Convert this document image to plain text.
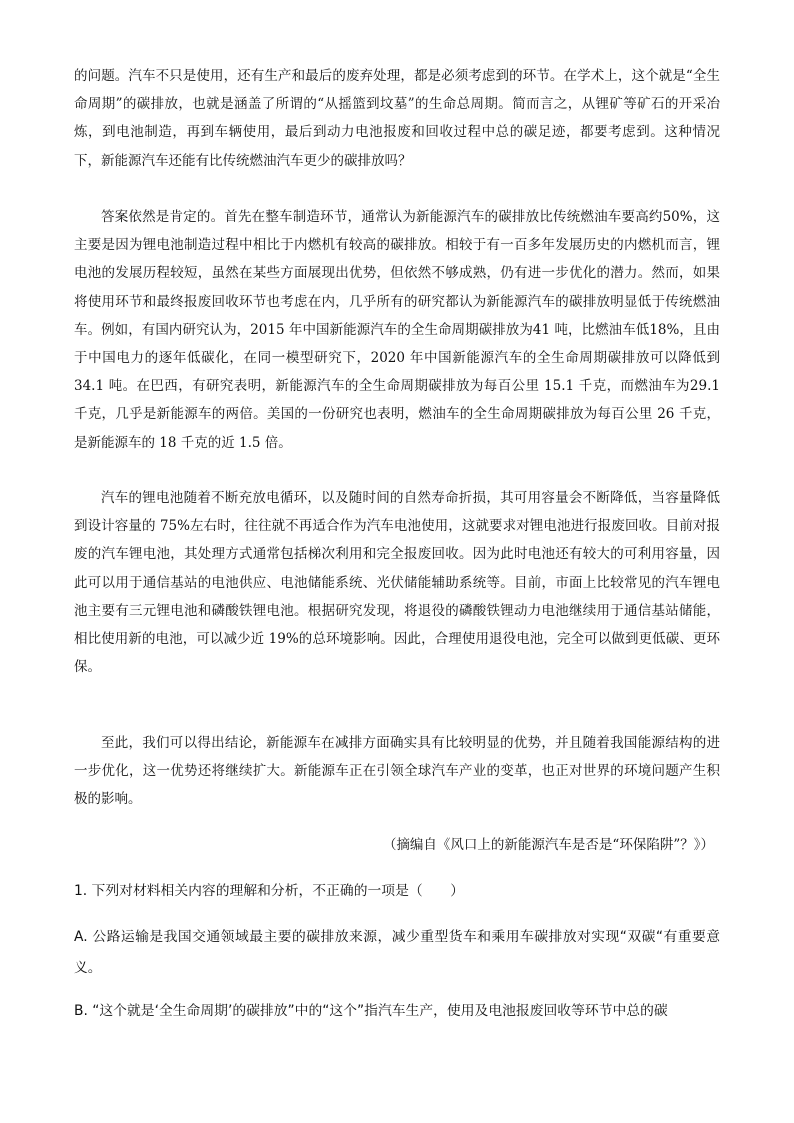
的问题。汽车不只是使用，还有生产和最后的废弃处理，都是必须考虑到的环节。在学术上，这个就是“全生命周期”的碳排放，也就是涵盖了所谓的“从摇篮到坟墓”的生命总周期。简而言之，从锂矿等矿石的开采冶炼，到电池制造，再到车辆使用，最后到动力电池报废和回收过程中总的碳足迹，都要考虑到。这种情况下，新能源汽车还能有比传统燃油汽车更少的碳排放吗？

答案依然是肯定的。首先在整车制造环节，通常认为新能源汽车的碳排放比传统燃油车要高约50%，这主要是因为锂电池制造过程中相比于内燃机有较高的碳排放。相较于有一百多年发展历史的内燃机而言，锂电池的发展历程较短，虽然在某些方面展现出优势，但依然不够成熟，仍有进一步优化的潜力。然而，如果将使用环节和最终报废回收环节也考虑在内，几乎所有的研究都认为新能源汽车的碳排放明显低于传统燃油车。例如，有国内研究认为，2015 年中国新能源汽车的全生命周期碳排放为41 吨，比燃油车低18%，且由于中国电力的逐年低碳化，在同一模型研究下，2020 年中国新能源汽车的全生命周期碳排放可以降低到 34.1 吨。在巴西，有研究表明，新能源汽车的全生命周期碳排放为每百公里 15.1 千克，而燃油车为29.1 千克，几乎是新能源车的两倍。美国的一份研究也表明，燃油车的全生命周期碳排放为每百公里 26 千克，是新能源车的 18 千克的近 1.5 倍。

汽车的锂电池随着不断充放电循环，以及随时间的自然寿命折损，其可用容量会不断降低，当容量降低到设计容量的 75%左右时，往往就不再适合作为汽车电池使用，这就要求对锂电池进行报废回收。目前对报废的汽车锂电池，其处理方式通常包括梯次利用和完全报废回收。因为此时电池还有较大的可利用容量，因此可以用于通信基站的电池供应、电池储能系统、光伏储能辅助系统等。目前，市面上比较常见的汽车锂电池主要有三元锂电池和磷酸铁锂电池。根据研究发现，将退役的磷酸铁锂动力电池继续用于通信基站储能，相比使用新的电池，可以减少近 19%的总环境影响。因此，合理使用退役电池，完全可以做到更低碳、更环保。

至此，我们可以得出结论，新能源车在减排方面确实具有比较明显的优势，并且随着我国能源结构的进一步优化，这一优势还将继续扩大。新能源车正在引领全球汽车产业的变革，也正对世界的环境问题产生积极的影响。

（摘编自《风口上的新能源汽车是否是“环保陷阱”？》）

1. 下列对材料相关内容的理解和分析，不正确的一项是（　　）

A. 公路运输是我国交通领域最主要的碳排放来源，减少重型货车和乘用车碳排放对实现“双碳“有重要意义。

B. “这个就是‘全生命周期’的碳排放”中的“这个”指汽车生产，使用及电池报废回收等环节中总的碳
